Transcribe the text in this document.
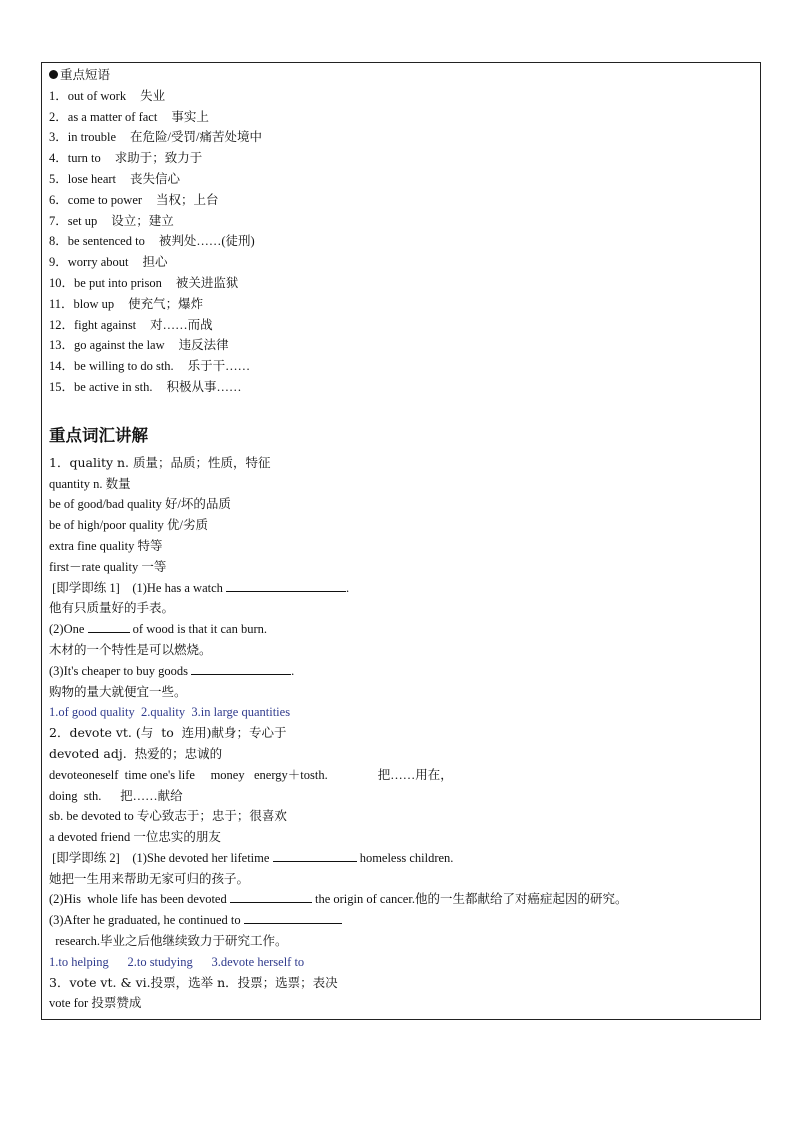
重点短语
1．out of work 失业
2．as a matter of fact 事实上
3．in trouble 在危险/受罚/痛苦处境中
4．turn to 求助于；致力于
5．lose heart 丧失信心
6．come to power 当权；上台
7．set up 设立；建立
8．be sentenced to 被判处……(徒刑)
9．worry about 担心
10．be put into prison 被关进监狱
11．blow up 使充气；爆炸
12．fight against 对……而战
13．go against the law 违反法律
14．be willing to do sth. 乐于干……
15．be active in sth. 积极从事……
重点词汇讲解
1．quality n. 质量；品质；性质，特征
quantity n. 数量
be of good/bad quality 好/坏的品质
be of high/poor quality 优/劣质
extra fine quality 特等
first－rate quality 一等
[即学即练 1]    (1)He has a watch	.
他有只质量好的手表。
(2)One	of wood is that it can burn.
木材的一个特性是可以燃烧。
(3)It's cheaper to buy goods	.
购物的量大就便宜一些。
1.of good quality  2.quality  3.in large quantities
2．devote vt. (与  to  连用)献身；专心于
devoted adj.  热爱的；忠诚的
devoteoneself  time one's life     money   energy＋tosth.	把……用在，
doing  sth.      把……献给
sb. be devoted to 专心致志于；忠于；很喜欢
a devoted friend 一位忠实的朋友
[即学即练 2]    (1)She devoted her lifetime	homeless children.
她把一生用来帮助无家可归的孩子。
(2)His  whole life has been devoted	the origin of cancer.他的一生都献给了对癌症起因的研究。
(3)After he graduated, he continued to
research.毕业之后他继续致力于研究工作。
1.to helping      2.to studying      3.devote herself to
3．vote vt. & vi.投票，选举 n．投票；选票；表决
vote for 投票赞成
